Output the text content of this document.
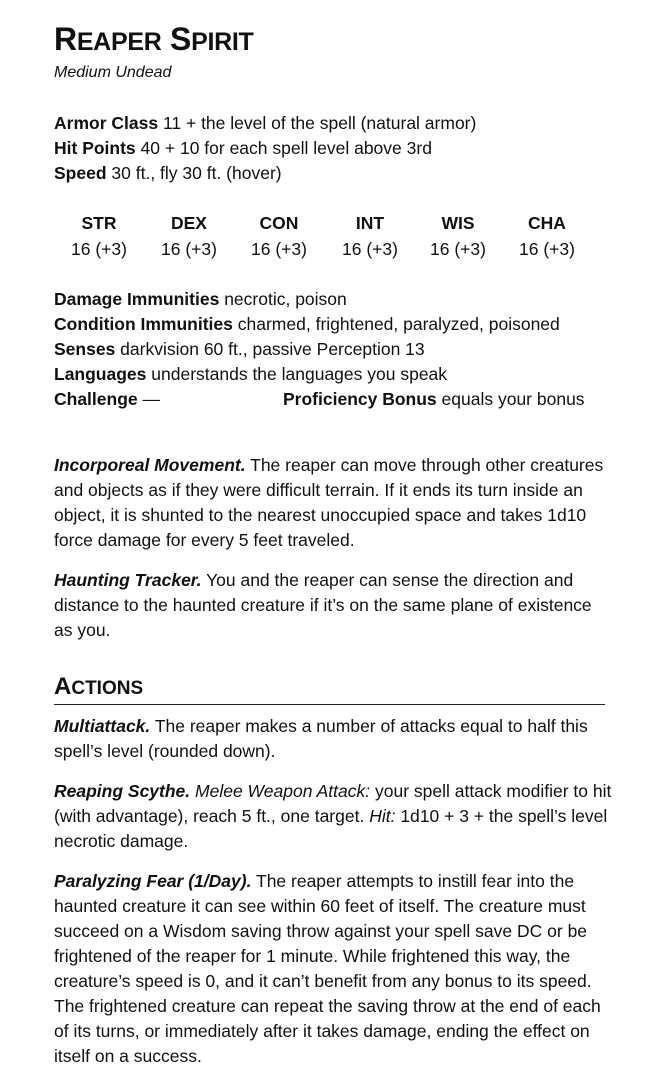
REAPER SPIRIT
Medium Undead
Armor Class 11 + the level of the spell (natural armor)
Hit Points 40 + 10 for each spell level above 3rd
Speed 30 ft., fly 30 ft. (hover)
STR
16 (+3)
DEX
16 (+3)
CON
16 (+3)
INT
16 (+3)
WIS
16 (+3)
CHA
16 (+3)
Damage Immunities necrotic, poison
Condition Immunities charmed, frightened, paralyzed, poisoned
Senses darkvision 60 ft., passive Perception 13
Languages understands the languages you speak
Challenge —	Proficiency Bonus equals your bonus
Incorporeal Movement. The reaper can move through other creatures and objects as if they were difficult terrain. If it ends its turn inside an object, it is shunted to the nearest unoccupied space and takes 1d10 force damage for every 5 feet traveled.
Haunting Tracker. You and the reaper can sense the direction and distance to the haunted creature if it’s on the same plane of existence as you.
ACTIONS
Multiattack. The reaper makes a number of attacks equal to half this spell’s level (rounded down).
Reaping Scythe. Melee Weapon Attack: your spell attack modifier to hit (with advantage), reach 5 ft., one target. Hit: 1d10 + 3 + the spell’s level necrotic damage.
Paralyzing Fear (1/Day). The reaper attempts to instill fear into the haunted creature it can see within 60 feet of itself. The creature must succeed on a Wisdom saving throw against your spell save DC or be frightened of the reaper for 1 minute. While frightened this way, the creature’s speed is 0, and it can’t benefit from any bonus to its speed. The frightened creature can repeat the saving throw at the end of each of its turns, or immediately after it takes damage, ending the effect on itself on a success.
